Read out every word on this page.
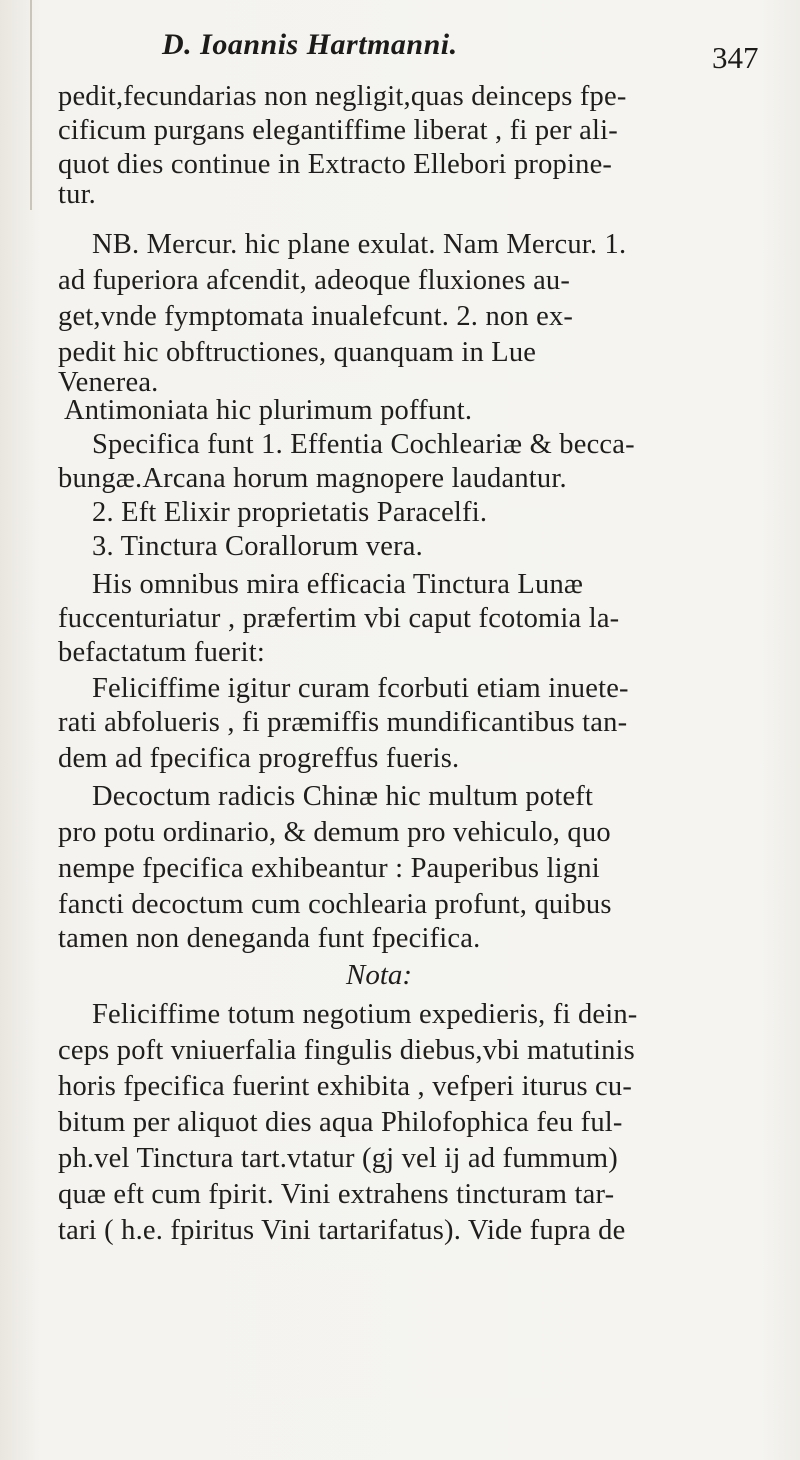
D. Ioannis Hartmanni.	347
pedit,fecundarias non negligit,quas deinceps fpe-
cificum purgans elegantiffime liberat , fi per ali-
quot dies continue in Extracto Ellebori propine-
tur.
NB. Mercur. hic plane exulat. Nam Mercur. 1.
ad fuperiora afcendit, adeoque fluxiones au-
get,vnde fymptomata inualefcunt. 2. non ex-
pedit hic obftructiones, quanquam in Lue
Venerea.
Antimoniata hic plurimum poffunt.
Specifica funt 1. Effentia Cochleariæ & becca-
bungæ.Arcana horum magnopere laudantur.
2. Eft Elixir proprietatis Paracelfi.
3. Tinctura Corallorum vera.
His omnibus mira efficacia Tinctura Lunæ
fuccenturiatur , præfertim vbi caput fcotomia la-
befactatum fuerit:
Feliciffime igitur curam fcorbuti etiam inuete-
rati abfolueris , fi præmiffis mundificantibus tan-
dem ad fpecifica progreffus fueris.
Decoctum radicis Chinæ hic multum poteft
pro potu ordinario, & demum pro vehiculo, quo
nempe fpecifica exhibeantur : Pauperibus ligni
fancti decoctum cum cochlearia profunt, quibus
tamen non deneganda funt fpecifica.
Nota:
Feliciffime totum negotium expedieris, fi dein-
ceps poft vniuerfalia fingulis diebus,vbi matutinis
horis fpecifica fuerint exhibita , vefperi iturus cu-
bitum per aliquot dies aqua Philofophica feu ful-
ph.vel Tinctura tart.vtatur (gj vel ij ad fummum)
quæ eft cum fpirit. Vini extrahens tincturam tar-
tari ( h.e. fpiritus Vini tartarifatus). Vide fupra de
